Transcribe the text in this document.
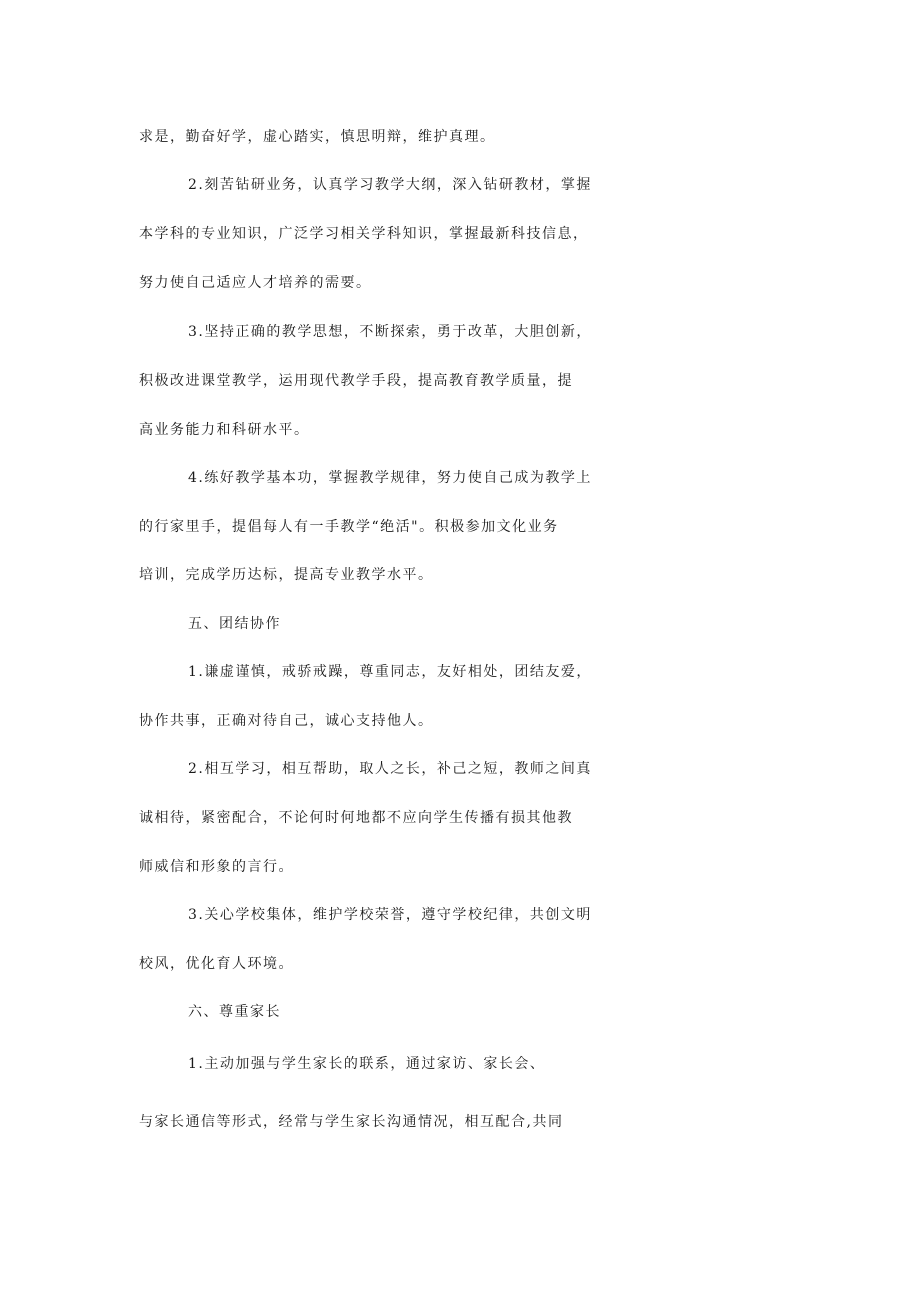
求是，勤奋好学，虚心踏实，慎思明辩，维护真理。
2.刻苦钻研业务，认真学习教学大纲，深入钻研教材，掌握
本学科的专业知识，广泛学习相关学科知识，掌握最新科技信息，
努力使自己适应人才培养的需要。
3.坚持正确的教学思想，不断探索，勇于改革，大胆创新，
积极改进课堂教学，运用现代教学手段，提高教育教学质量，提
高业务能力和科研水平。
4.练好教学基本功，掌握教学规律，努力使自己成为教学上
的行家里手，提倡每人有一手教学“绝活"。积极参加文化业务
培训，完成学历达标，提高专业教学水平。
五、团结协作
1.谦虚谨慎，戒骄戒躁，尊重同志，友好相处，团结友爱，
协作共事，正确对待自己，诚心支持他人。
2.相互学习，相互帮助，取人之长，补己之短，教师之间真
诚相待，紧密配合，不论何时何地都不应向学生传播有损其他教
师威信和形象的言行。
3.关心学校集体，维护学校荣誉，遵守学校纪律，共创文明
校风，优化育人环境。
六、尊重家长
1.主动加强与学生家长的联系，通过家访、家长会、
与家长通信等形式，经常与学生家长沟通情况，相互配合,共同
